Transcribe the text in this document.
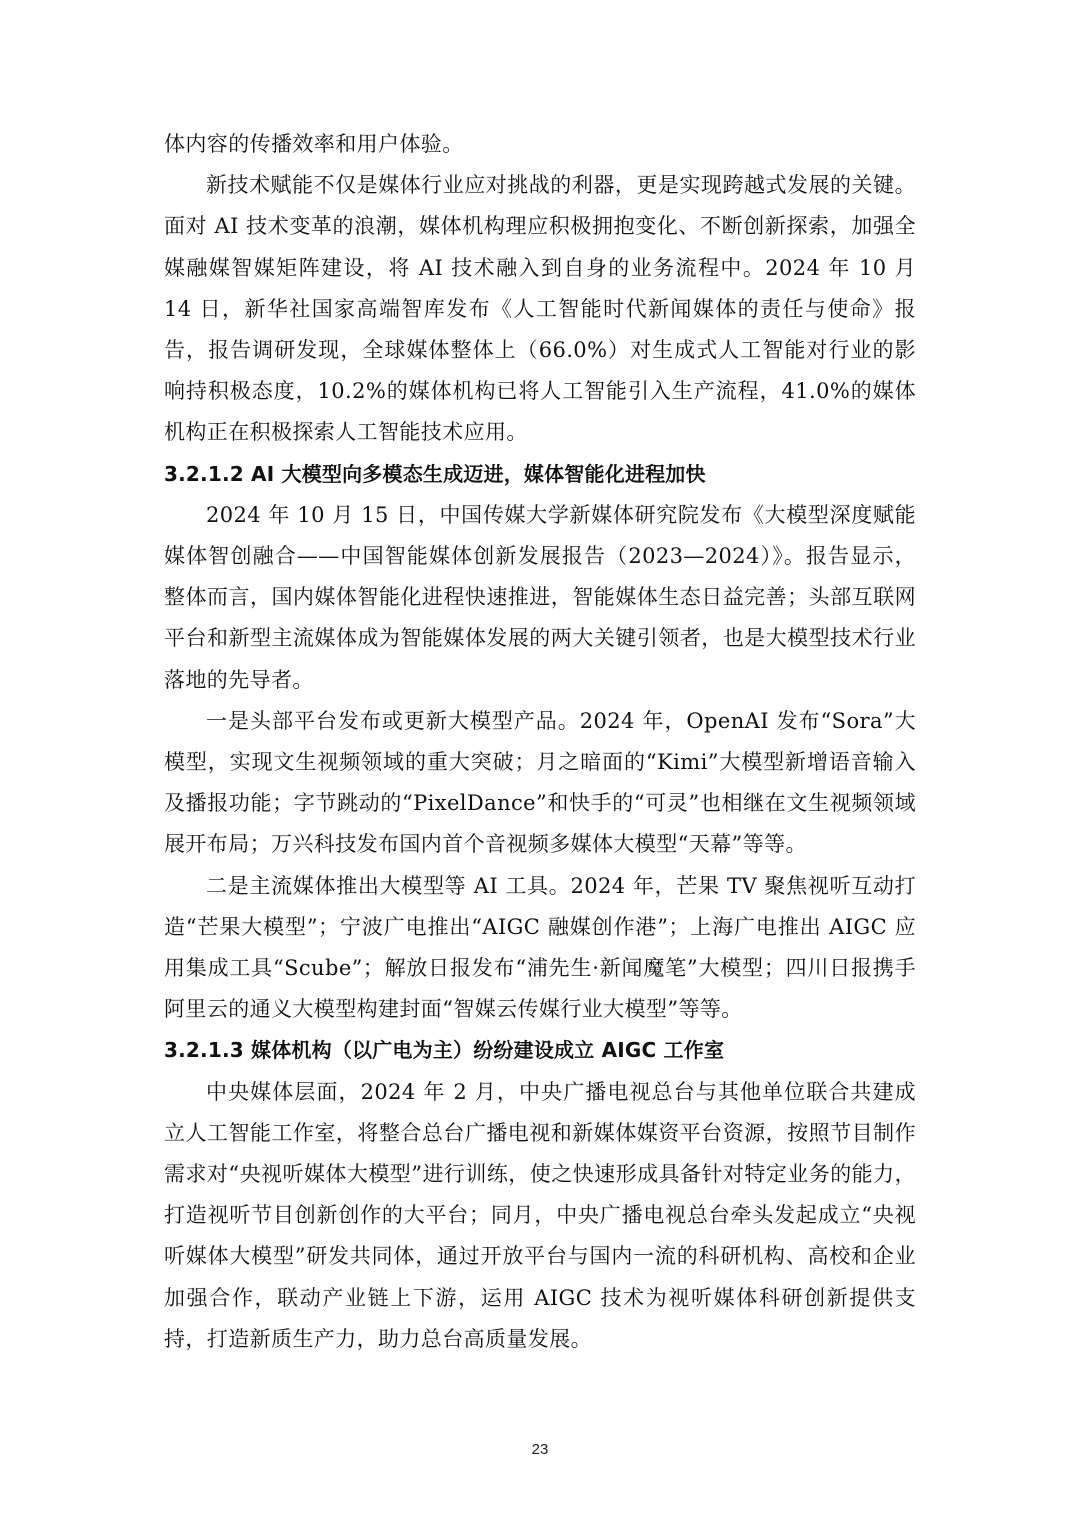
体内容的传播效率和用户体验。

新技术赋能不仅是媒体行业应对挑战的利器，更是实现跨越式发展的关键。面对 AI 技术变革的浪潮，媒体机构理应积极拥抱变化、不断创新探索，加强全媒融媒智媒矩阵建设，将 AI 技术融入到自身的业务流程中。2024 年 10 月 14 日，新华社国家高端智库发布《人工智能时代新闻媒体的责任与使命》报告，报告调研发现，全球媒体整体上（66.0%）对生成式人工智能对行业的影响持积极态度，10.2%的媒体机构已将人工智能引入生产流程，41.0%的媒体机构正在积极探索人工智能技术应用。

3.2.1.2 AI 大模型向多模态生成迈进，媒体智能化进程加快

2024 年 10 月 15 日，中国传媒大学新媒体研究院发布《大模型深度赋能媒体智创融合——中国智能媒体创新发展报告（2023—2024）》。报告显示，整体而言，国内媒体智能化进程快速推进，智能媒体生态日益完善；头部互联网平台和新型主流媒体成为智能媒体发展的两大关键引领者，也是大模型技术行业落地的先导者。

一是头部平台发布或更新大模型产品。2024 年，OpenAI 发布“Sora”大模型，实现文生视频领域的重大突破；月之暗面的“Kimi”大模型新增语音输入及播报功能；字节跳动的“PixelDance”和快手的“可灵”也相继在文生视频领域展开布局；万兴科技发布国内首个音视频多媒体大模型“天幕”等等。

二是主流媒体推出大模型等 AI 工具。2024 年，芒果 TV 聚焦视听互动打造“芒果大模型”；宁波广电推出“AIGC 融媒创作港”；上海广电推出 AIGC 应用集成工具“Scube”；解放日报发布“浦先生·新闻魔笔”大模型；四川日报携手阿里云的通义大模型构建封面“智媒云传媒行业大模型”等等。

3.2.1.3 媒体机构（以广电为主）纷纷建设成立 AIGC 工作室

中央媒体层面，2024 年 2 月，中央广播电视总台与其他单位联合共建成立人工智能工作室，将整合总台广播电视和新媒体媒资平台资源，按照节目制作需求对“央视听媒体大模型”进行训练，使之快速形成具备针对特定业务的能力，打造视听节目创新创作的大平台；同月，中央广播电视总台牵头发起成立“央视听媒体大模型”研发共同体，通过开放平台与国内一流的科研机构、高校和企业加强合作，联动产业链上下游，运用 AIGC 技术为视听媒体科研创新提供支持，打造新质生产力，助力总台高质量发展。

23
